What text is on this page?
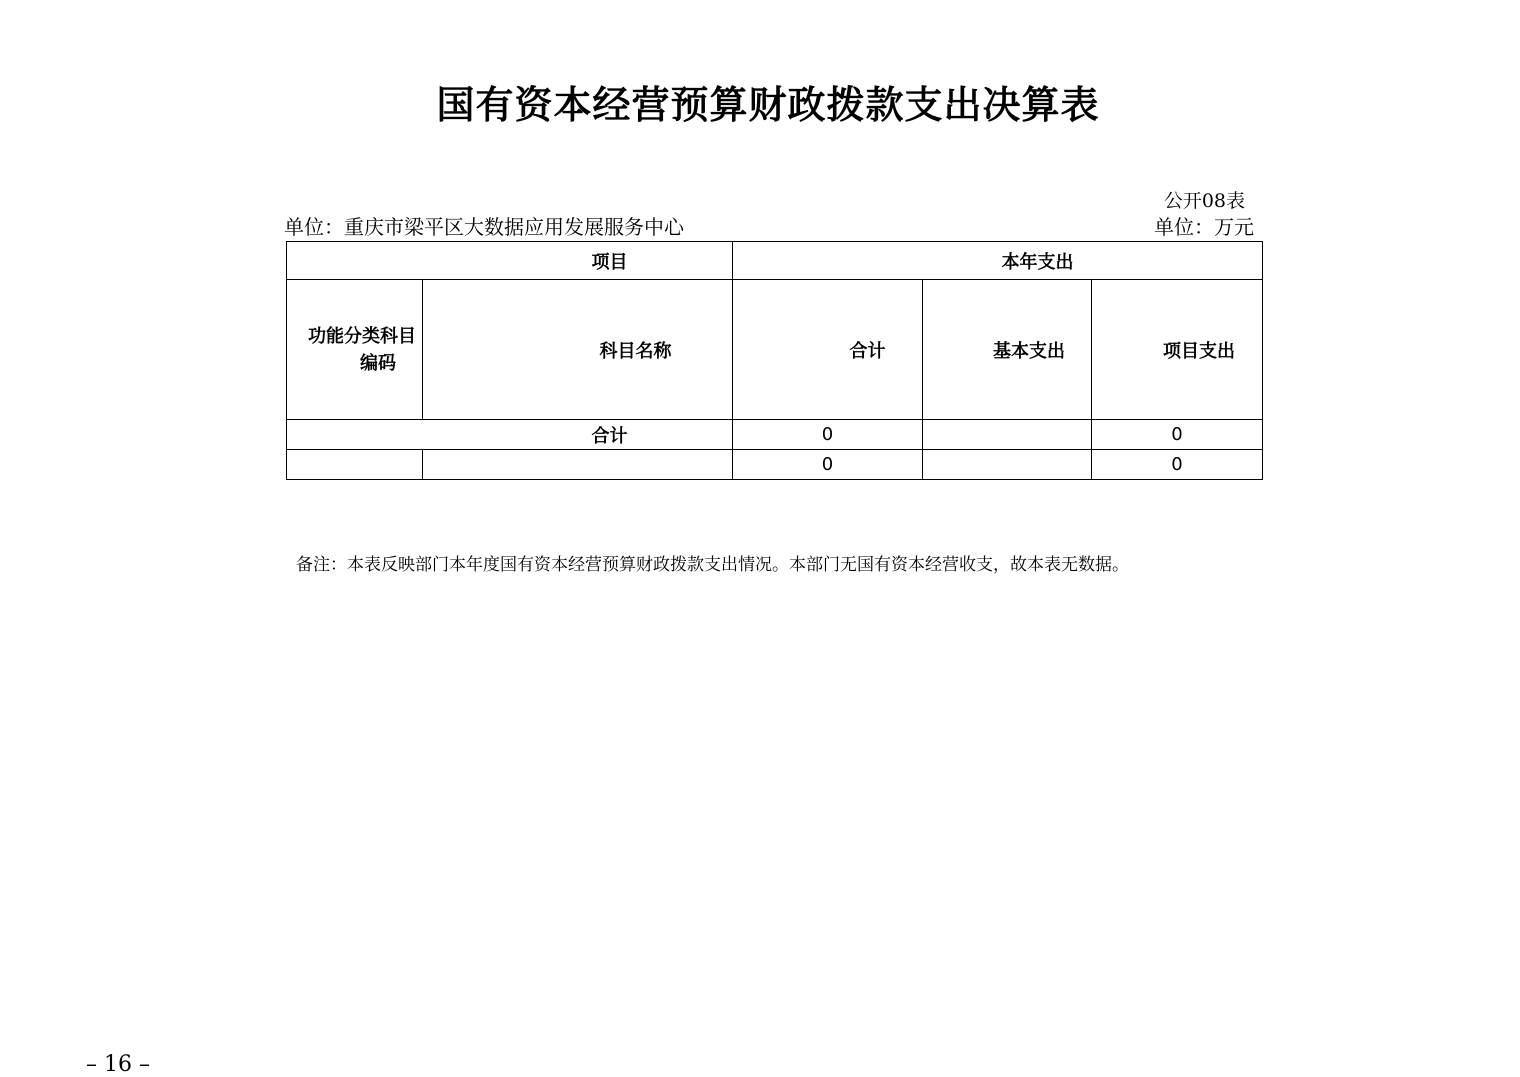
国有资本经营预算财政拨款支出决算表
公开08表
单位：重庆市梁平区大数据应用发展服务中心	单位：万元
项目		本年支出		

功能分类科目
编码	科目名称	合计	基本支出	项目支出
合计		0		0
		0		0
备注：本表反映部门本年度国有资本经营预算财政拨款支出情况。本部门无国有资本经营收支，故本表无数据。
– 16 –
